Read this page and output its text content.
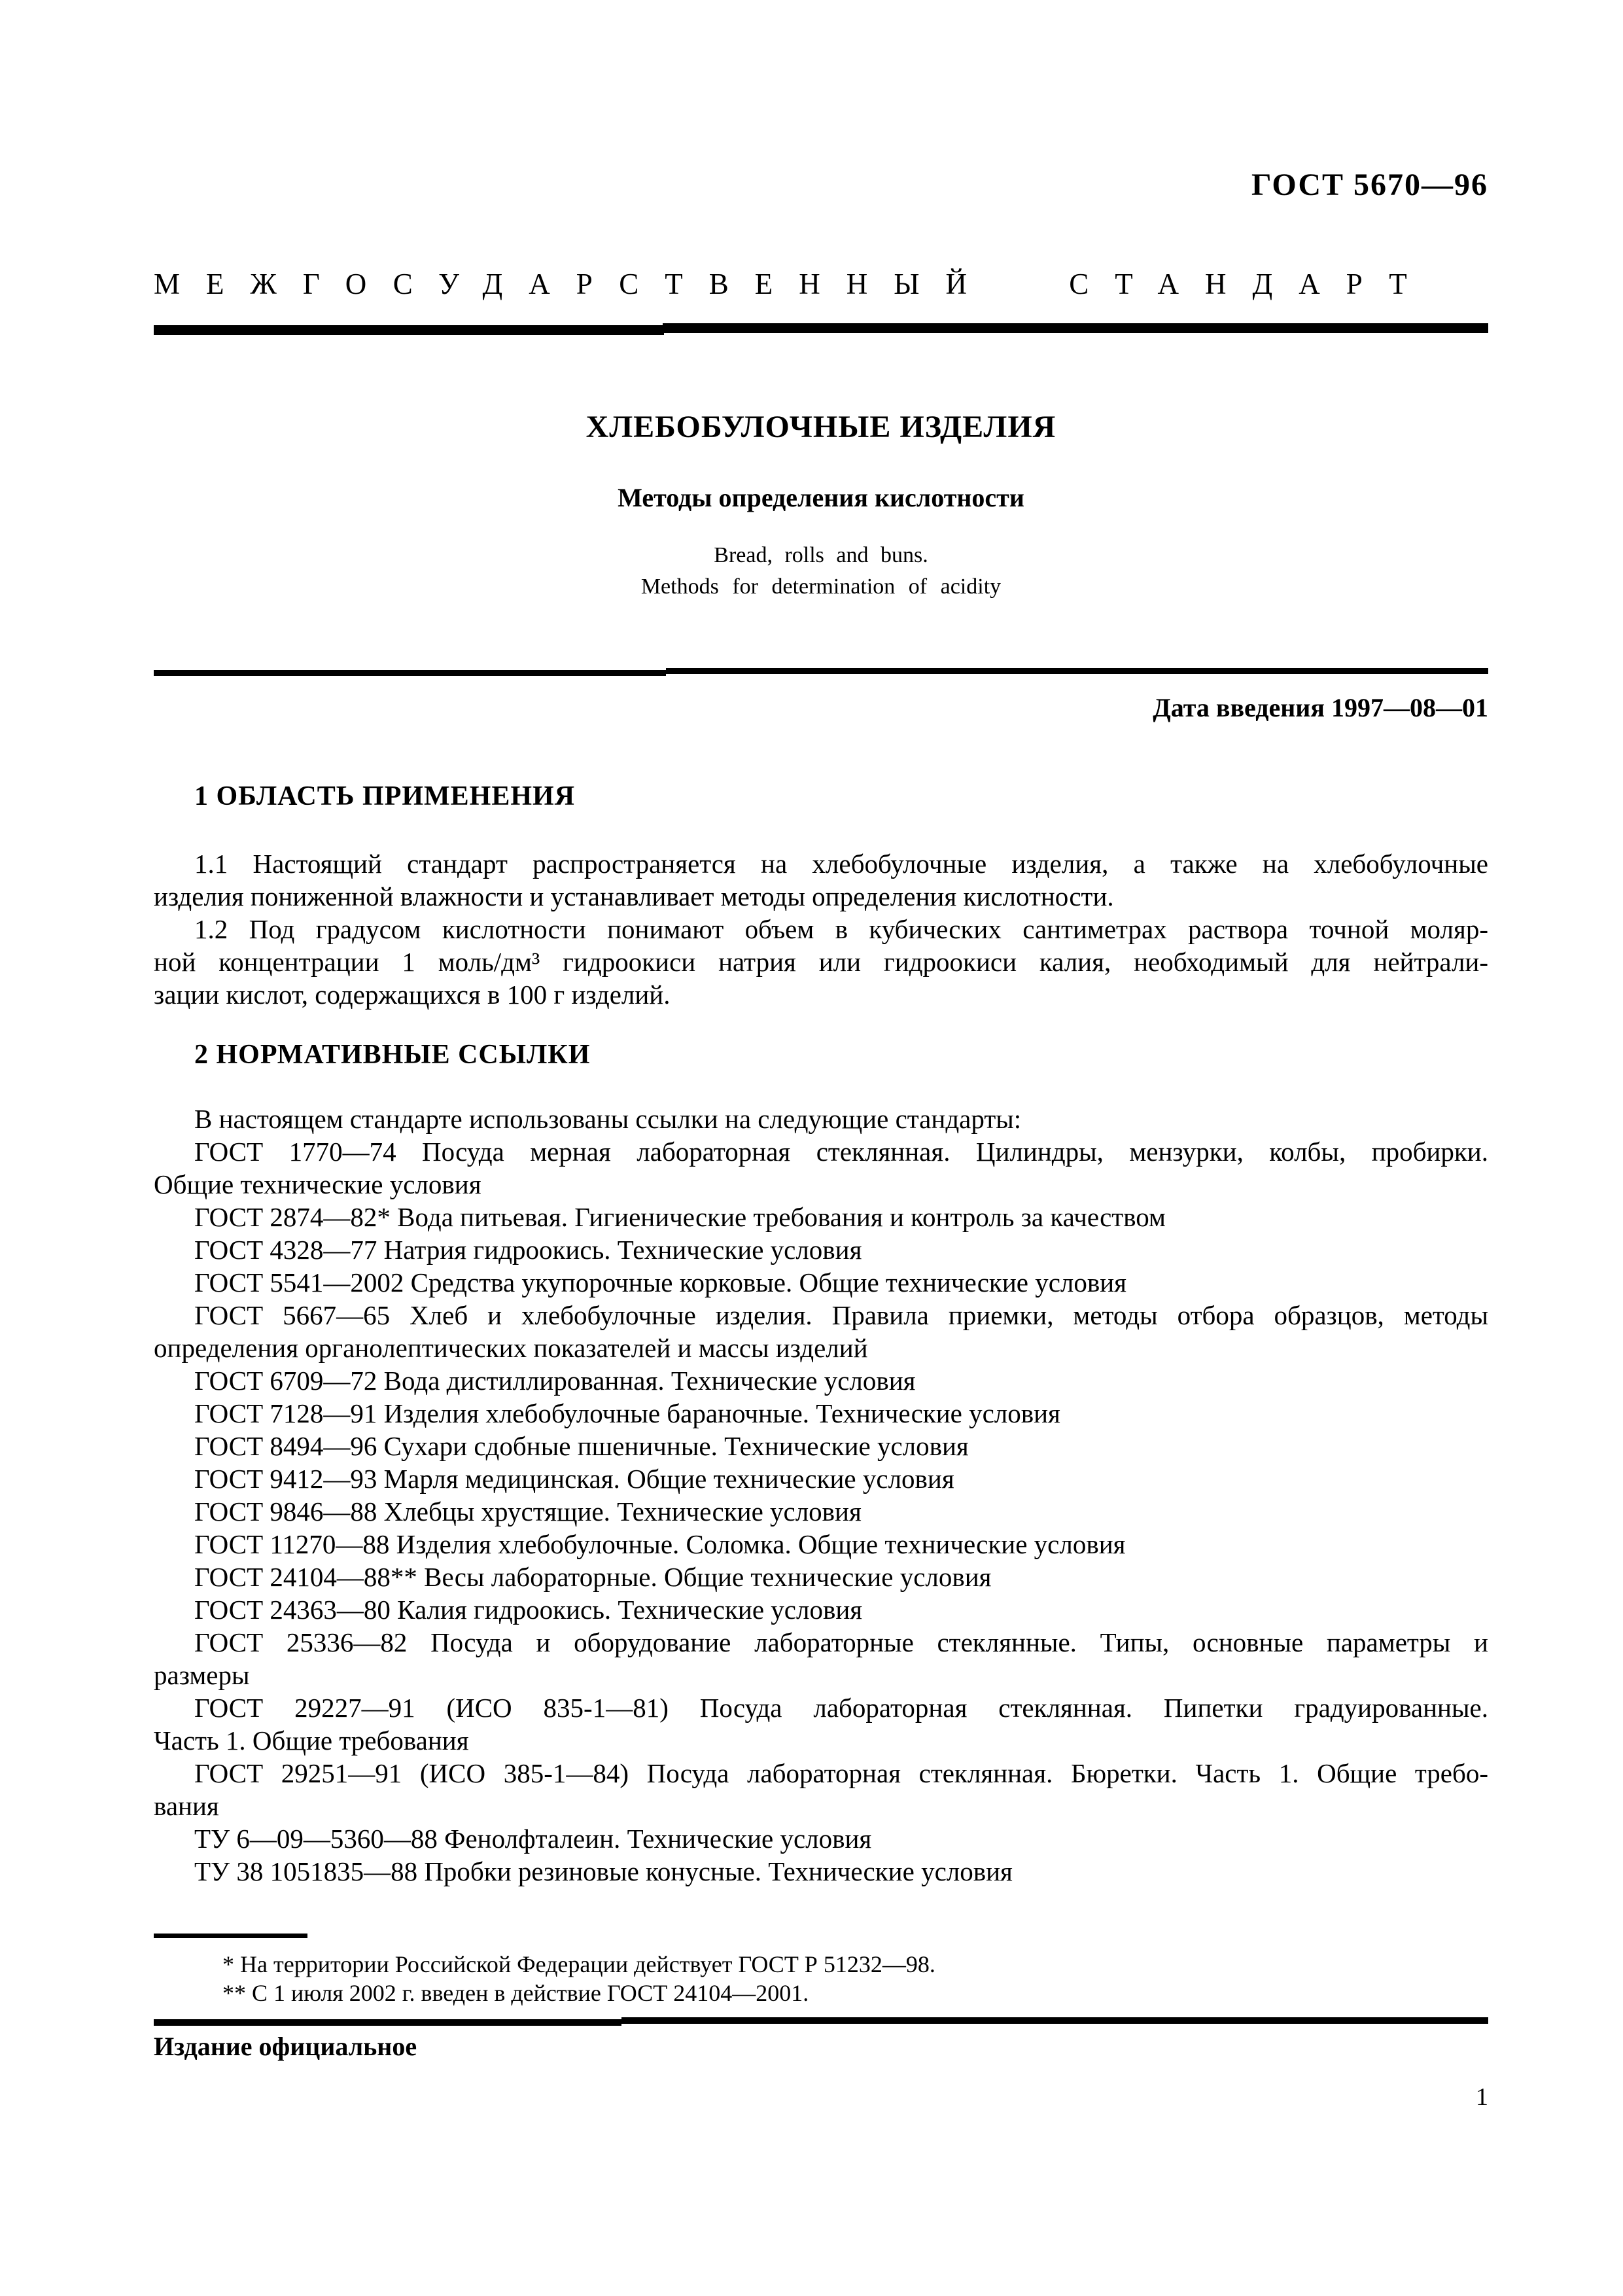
ГОСТ 5670—96
МЕЖГОСУДАРСТВЕННЫЙ СТАНДАРТ
ХЛЕБОБУЛОЧНЫЕ ИЗДЕЛИЯ
Методы определения кислотности
Bread, rolls and buns.
Methods for determination of acidity
Дата введения 1997—08—01
1 ОБЛАСТЬ ПРИМЕНЕНИЯ
1.1 Настоящий стандарт распространяется на хлебобулочные изделия, а также на хлебобулочные
изделия пониженной влажности и устанавливает методы определения кислотности.
1.2 Под градусом кислотности понимают объем в кубических сантиметрах раствора точной моляр-
ной концентрации 1 моль/дм³ гидроокиси натрия или гидроокиси калия, необходимый для нейтрали-
зации кислот, содержащихся в 100 г изделий.
2 НОРМАТИВНЫЕ ССЫЛКИ
В настоящем стандарте использованы ссылки на следующие стандарты:
ГОСТ 1770—74 Посуда мерная лабораторная стеклянная. Цилиндры, мензурки, колбы, пробирки.
Общие технические условия
ГОСТ 2874—82* Вода питьевая. Гигиенические требования и контроль за качеством
ГОСТ 4328—77 Натрия гидроокись. Технические условия
ГОСТ 5541—2002 Средства укупорочные корковые. Общие технические условия
ГОСТ 5667—65 Хлеб и хлебобулочные изделия. Правила приемки, методы отбора образцов, методы
определения органолептических показателей и массы изделий
ГОСТ 6709—72 Вода дистиллированная. Технические условия
ГОСТ 7128—91 Изделия хлебобулочные бараночные. Технические условия
ГОСТ 8494—96 Сухари сдобные пшеничные. Технические условия
ГОСТ 9412—93 Марля медицинская. Общие технические условия
ГОСТ 9846—88 Хлебцы хрустящие. Технические условия
ГОСТ 11270—88 Изделия хлебобулочные. Соломка. Общие технические условия
ГОСТ 24104—88** Весы лабораторные. Общие технические условия
ГОСТ 24363—80 Калия гидроокись. Технические условия
ГОСТ 25336—82 Посуда и оборудование лабораторные стеклянные. Типы, основные параметры и
размеры
ГОСТ 29227—91 (ИСО 835-1—81) Посуда лабораторная стеклянная. Пипетки градуированные.
Часть 1. Общие требования
ГОСТ 29251—91 (ИСО 385-1—84) Посуда лабораторная стеклянная. Бюретки. Часть 1. Общие требо-
вания
ТУ 6—09—5360—88 Фенолфталеин. Технические условия
ТУ 38 1051835—88 Пробки резиновые конусные. Технические условия
* На территории Российской Федерации действует ГОСТ Р 51232—98.
** С 1 июля 2002 г. введен в действие ГОСТ 24104—2001.
Издание официальное
1
